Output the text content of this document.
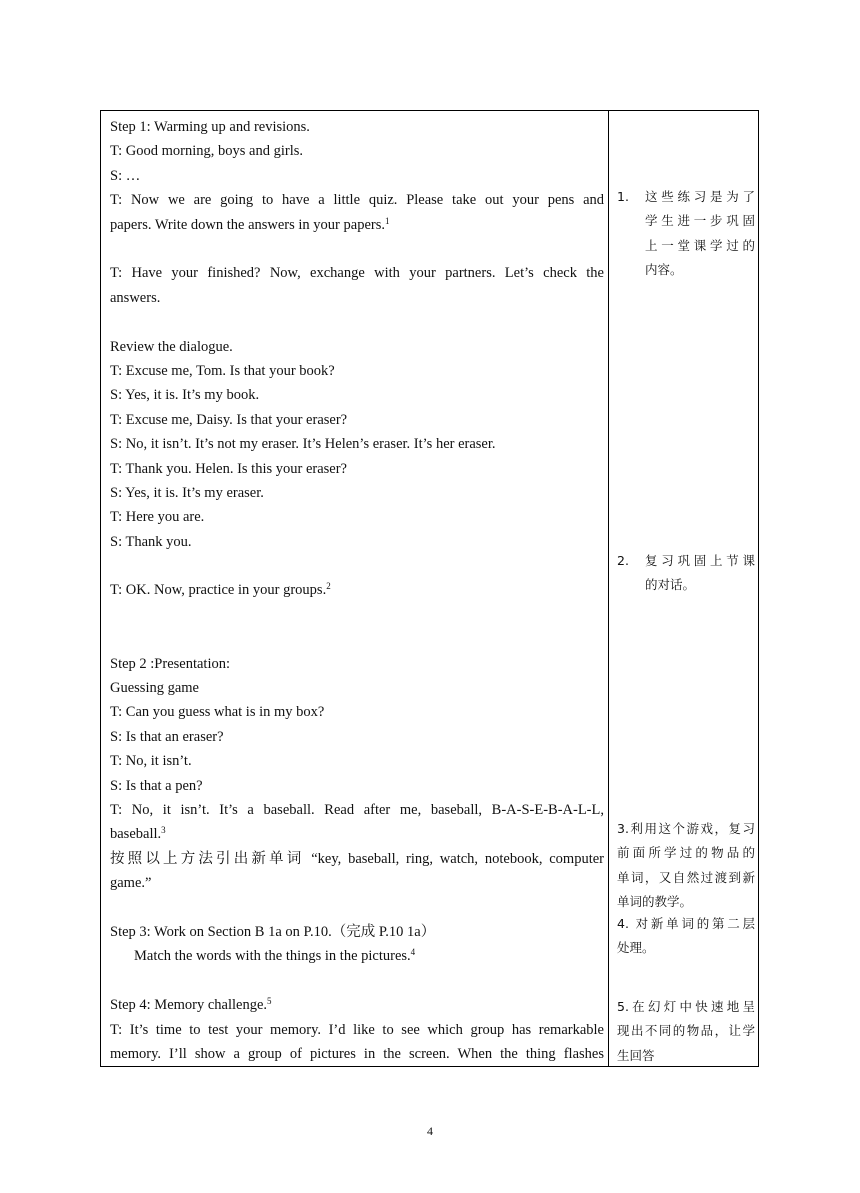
Step 1: Warming up and revisions.
T: Good morning, boys and girls.
S: …
T: Now we are going to have a little quiz. Please take out your pens and
papers. Write down the answers in your papers.$^1$
T: Have your finished? Now, exchange with your partners. Let’s check the
answers.
Review the dialogue.
T: Excuse me, Tom. Is that your book?
S: Yes, it is. It’s my book.
T: Excuse me, Daisy. Is that your eraser?
S: No, it isn’t. It’s not my eraser. It’s Helen’s eraser. It’s her eraser.
T: Thank you. Helen. Is this your eraser?
S: Yes, it is. It’s my eraser.
T: Here you are.
S: Thank you.
T: OK. Now, practice in your groups.$^2$
Step 2 :Presentation:
Guessing game
T: Can you guess what is in my box?
S: Is that an eraser?
T: No, it isn’t.
S: Is that a pen?
T: No, it isn’t. It’s a baseball. Read after me, baseball, B-A-S-E-B-A-L-L,
baseball.$^3$
按照以上方法引出新单词 “key, baseball, ring, watch, notebook, computer
game.”
Step 3: Work on Section B 1a on P.10.（完成 P.10 1a）
Match the words with the things in the pictures.$^4$
Step 4: Memory challenge.$^5$
T: It’s time to test your memory. I’d like to see which group has remarkable
memory. I’ll show a group of pictures in the screen. When the thing flashes
1.	这些练习是为了
学生进一步巩固
上一堂课学过的
内容。
2.	复习巩固上节课
的对话。
3.利用这个游戏，复习
前面所学过的物品的
单词，又自然过渡到新
单词的教学。
4. 对新单词的第二层
处理。
5.在幻灯中快速地呈
现出不同的物品，让学
生回答
4
